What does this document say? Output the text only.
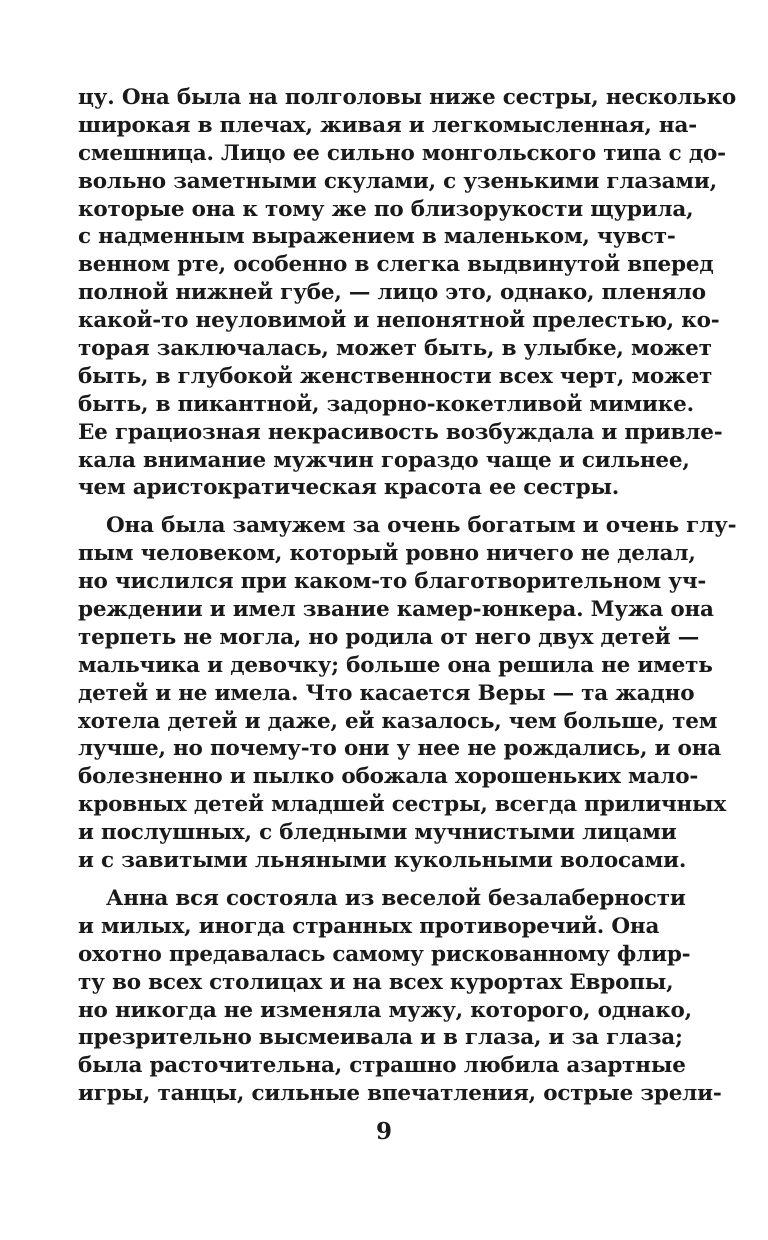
цу. Она была на полголовы ниже сестры, несколько
широкая в плечах, живая и легкомысленная, на-
смешница. Лицо ее сильно монгольского типа с до-
вольно заметными скулами, с узенькими глазами,
которые она к тому же по близорукости щурила,
с надменным выражением в маленьком, чувст-
венном рте, особенно в слегка выдвинутой вперед
полной нижней губе, — лицо это, однако, пленяло
какой-то неуловимой и непонятной прелестью, ко-
торая заключалась, может быть, в улыбке, может
быть, в глубокой женственности всех черт, может
быть, в пикантной, задорно-кокетливой мимике.
Ее грациозная некрасивость возбуждала и привле-
кала внимание мужчин гораздо чаще и сильнее,
чем аристократическая красота ее сестры.
Она была замужем за очень богатым и очень глу-
пым человеком, который ровно ничего не делал,
но числился при каком-то благотворительном уч-
реждении и имел звание камер-юнкера. Мужа она
терпеть не могла, но родила от него двух детей —
мальчика и девочку; больше она решила не иметь
детей и не имела. Что касается Веры — та жадно
хотела детей и даже, ей казалось, чем больше, тем
лучше, но почему-то они у нее не рождались, и она
болезненно и пылко обожала хорошеньких мало-
кровных детей младшей сестры, всегда приличных
и послушных, с бледными мучнистыми лицами
и с завитыми льняными кукольными волосами.
Анна вся состояла из веселой безалаберности
и милых, иногда странных противоречий. Она
охотно предавалась самому рискованному флир-
ту во всех столицах и на всех курортах Европы,
но никогда не изменяла мужу, которого, однако,
презрительно высмеивала и в глаза, и за глаза;
была расточительна, страшно любила азартные
игры, танцы, сильные впечатления, острые зрели-
9
